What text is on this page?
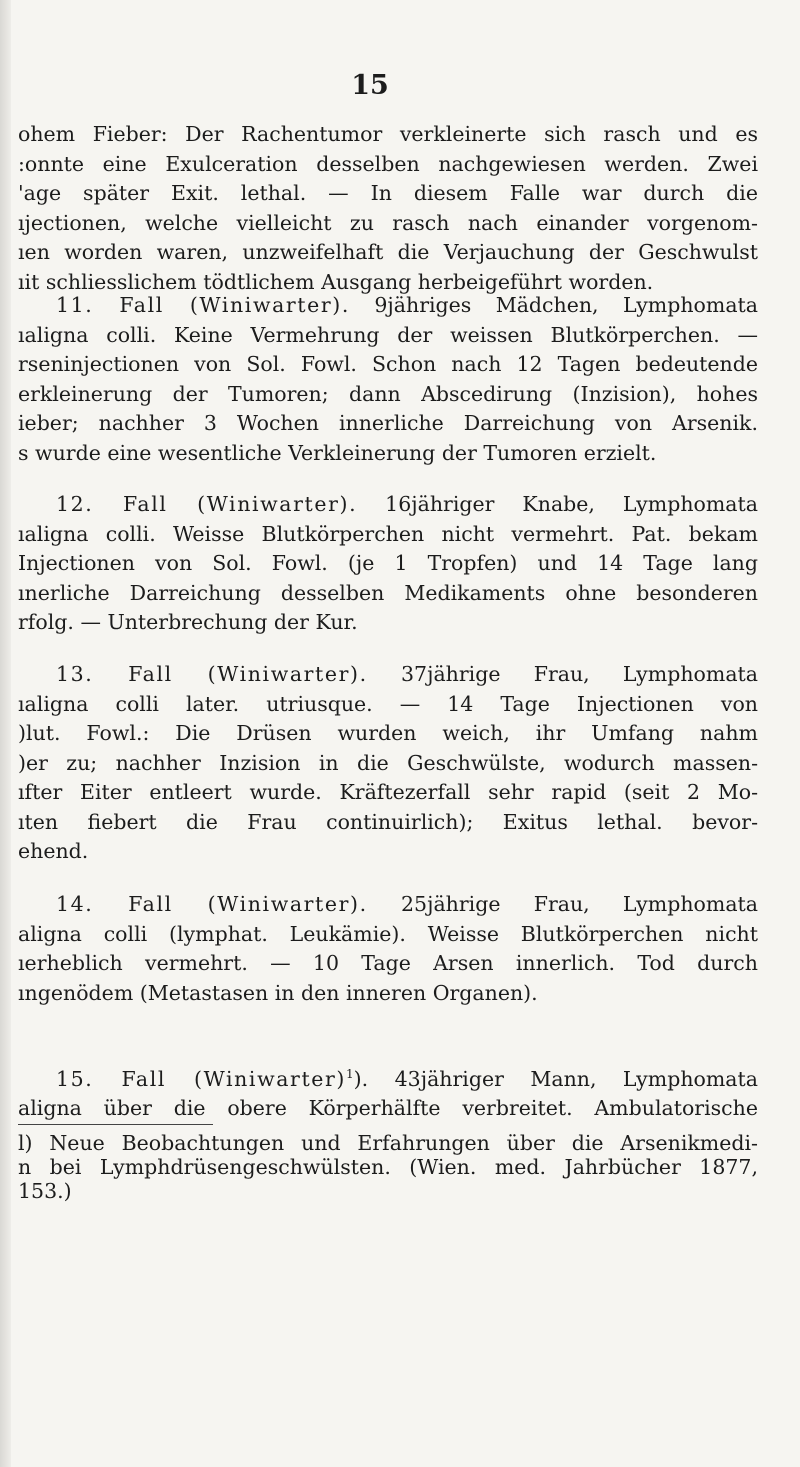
15
ohem Fieber: Der Rachentumor verkleinerte sich rasch und es
:onnte eine Exulceration desselben nachgewiesen werden. Zwei
'age später Exit. lethal. — In diesem Falle war durch die
ıjectionen, welche vielleicht zu rasch nach einander vorgenom-
ıen worden waren, unzweifelhaft die Verjauchung der Geschwulst
ıit schliesslichem tödtlichem Ausgang herbeigeführt worden.
11. Fall (Winiwarter). 9jähriges Mädchen, Lymphomata
ıaligna colli. Keine Vermehrung der weissen Blutkörperchen. —
rseninjectionen von Sol. Fowl. Schon nach 12 Tagen bedeutende
erkleinerung der Tumoren; dann Abscedirung (Inzision), hohes
ieber; nachher 3 Wochen innerliche Darreichung von Arsenik.
s wurde eine wesentliche Verkleinerung der Tumoren erzielt.
12. Fall (Winiwarter). 16jähriger Knabe, Lymphomata
ıaligna colli. Weisse Blutkörperchen nicht vermehrt. Pat. bekam
Injectionen von Sol. Fowl. (je 1 Tropfen) und 14 Tage lang
ınerliche Darreichung desselben Medikaments ohne besonderen
rfolg. — Unterbrechung der Kur.
13. Fall (Winiwarter). 37jährige Frau, Lymphomata
ıaligna colli later. utriusque. — 14 Tage Injectionen von
)lut. Fowl.: Die Drüsen wurden weich, ihr Umfang nahm
)er zu; nachher Inzision in die Geschwülste, wodurch massen-
ıfter Eiter entleert wurde. Kräftezerfall sehr rapid (seit 2 Mo-
ıten fiebert die Frau continuirlich); Exitus lethal. bevor-
ehend.
14. Fall (Winiwarter). 25jährige Frau, Lymphomata
aligna colli (lymphat. Leukämie). Weisse Blutkörperchen nicht
ıerheblich vermehrt. — 10 Tage Arsen innerlich. Tod durch
ıngenödem (Metastasen in den inneren Organen).
15. Fall (Winiwarter)$^1$). 43jähriger Mann, Lymphomata
aligna über die obere Körperhälfte verbreitet. Ambulatorische
l) Neue Beobachtungen und Erfahrungen über die Arsenikmedi-
n bei Lymphdrüsengeschwülsten. (Wien. med. Jahrbücher 1877,
153.)
